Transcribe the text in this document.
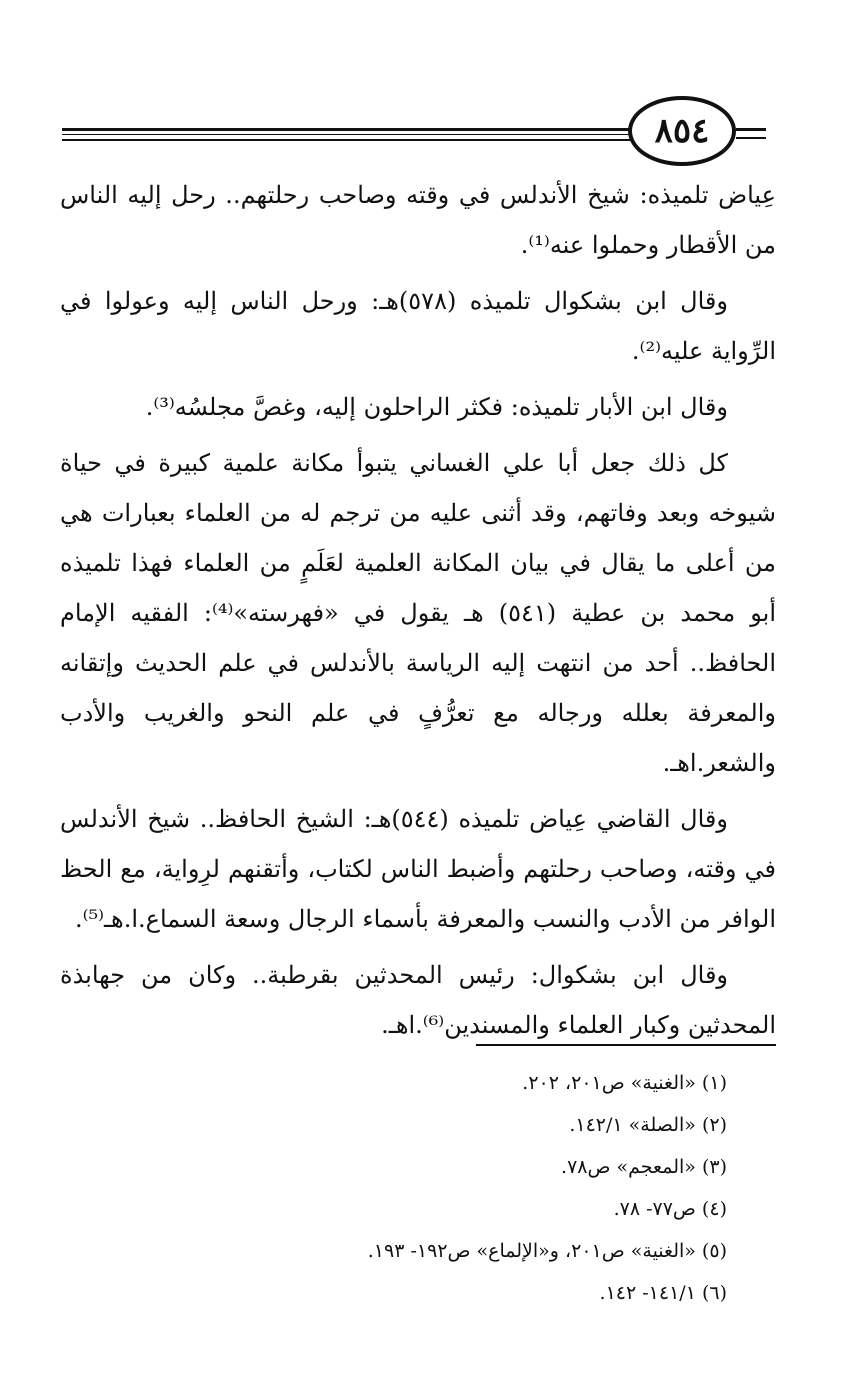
٨٥٤

عِياض تلميذه: شيخ الأندلس في وقته وصاحب رحلتهم.. رحل إليه الناس من الأقطار وحملوا عنه⁽¹⁾.

وقال ابن بشكوال تلميذه (٥٧٨)هـ: ورحل الناس إليه وعولوا في الرِّواية عليه⁽²⁾.

وقال ابن الأبار تلميذه: فكثر الراحلون إليه، وغصَّ مجلسُه⁽³⁾.

كل ذلك جعل أبا علي الغساني يتبوأ مكانة علمية كبيرة في حياة شيوخه وبعد وفاتهم، وقد أثنى عليه من ترجم له من العلماء بعبارات هي من أعلى ما يقال في بيان المكانة العلمية لعَلَمٍ من العلماء فهذا تلميذه أبو محمد بن عطية (٥٤١) هـ يقول في «فهرسته»⁽⁴⁾: الفقيه الإمام الحافظ.. أحد من انتهت إليه الرياسة بالأندلس في علم الحديث وإتقانه والمعرفة بعلله ورجاله مع تعرُّفٍ في علم النحو والغريب والأدب والشعر.اهـ.

وقال القاضي عِياض تلميذه (٥٤٤)هـ: الشيخ الحافظ.. شيخ الأندلس في وقته، وصاحب رحلتهم وأضبط الناس لكتاب، وأتقنهم لرِواية، مع الحظ الوافر من الأدب والنسب والمعرفة بأسماء الرجال وسعة السماع.ا.هـ⁽⁵⁾.

وقال ابن بشكوال: رئيس المحدثين بقرطبة.. وكان من جهابذة المحدثين وكبار العلماء والمسندين⁽⁶⁾.اهـ.

(١) «الغنية» ص٢٠١، ٢٠٢.
(٢) «الصلة» ١٤٢/١.
(٣) «المعجم» ص٧٨.
(٤) ص٧٧- ٧٨.
(٥) «الغنية» ص٢٠١، و«الإلماع» ص١٩٢- ١٩٣.
(٦) ١٤١/١- ١٤٢.
